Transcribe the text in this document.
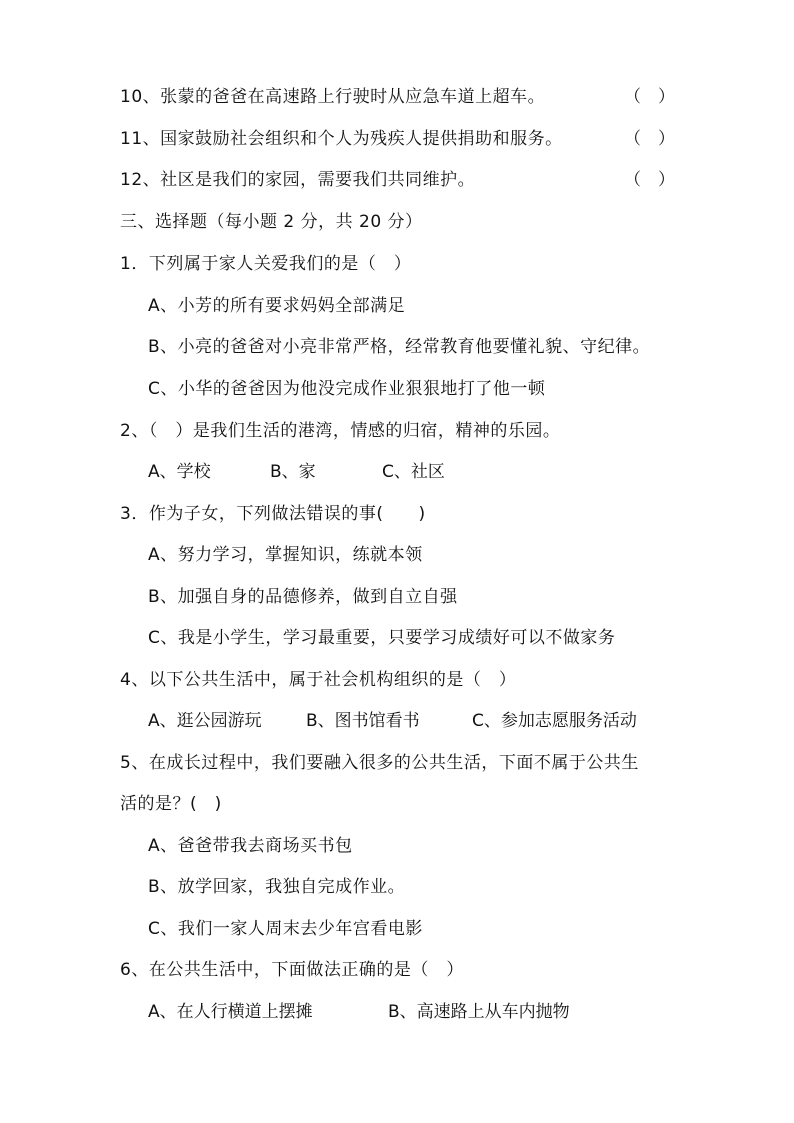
10、张蒙的爸爸在高速路上行驶时从应急车道上超车。	（　）
11、国家鼓励社会组织和个人为残疾人提供捐助和服务。	（　）
12、社区是我们的家园，需要我们共同维护。	（　）
三、选择题（每小题 2 分，共 20 分）
1．下列属于家人关爱我们的是（　）
A、小芳的所有要求妈妈全部满足
B、小亮的爸爸对小亮非常严格，经常教育他要懂礼貌、守纪律。
C、小华的爸爸因为他没完成作业狠狠地打了他一顿
2、（　）是我们生活的港湾，情感的归宿，精神的乐园。

A、学校

	B、家

	C、社区

3．作为子女，下列做法错误的事(　　)
A、努力学习，掌握知识，练就本领
B、加强自身的品德修养，做到自立自强
C、我是小学生，学习最重要，只要学习成绩好可以不做家务
4、以下公共生活中，属于社会机构组织的是（　）

A、逛公园游玩

	B、图书馆看书

	C、参加志愿服务活动

5、在成长过程中，我们要融入很多的公共生活，下面不属于公共生
活的是？(　)
A、爸爸带我去商场买书包
B、放学回家，我独自完成作业。
C、我们一家人周末去少年宫看电影
6、在公共生活中，下面做法正确的是（　）

A、在人行横道上摆摊

	B、高速路上从车内抛物
